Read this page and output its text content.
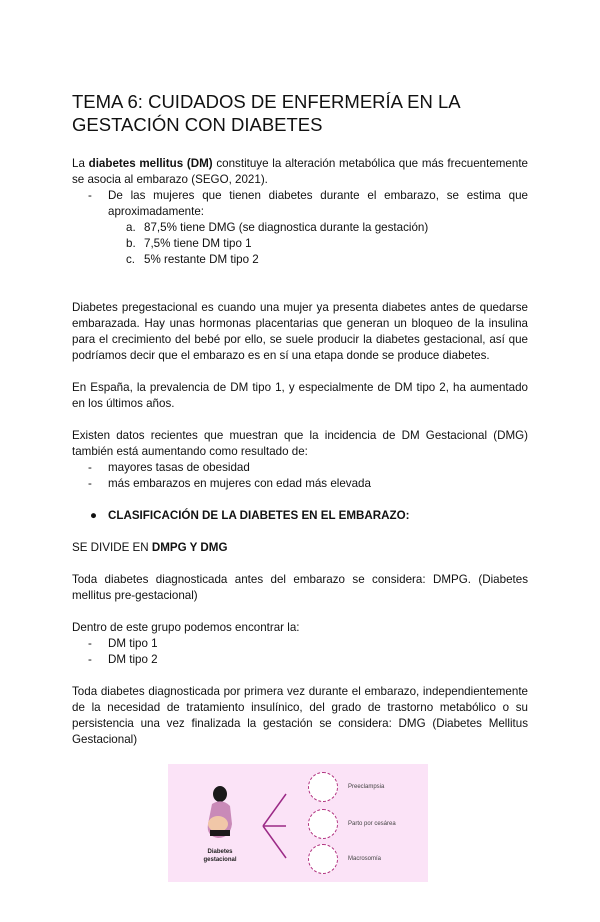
TEMA 6: CUIDADOS DE ENFERMERÍA EN LA GESTACIÓN CON DIABETES

La diabetes mellitus (DM) constituye la alteración metabólica que más frecuentemente se asocia al embarazo (SEGO, 2021).

-	De las mujeres que tienen diabetes durante el embarazo, se estima que aproximadamente:
a. 87,5% tiene DMG (se diagnostica durante la gestación)
b. 7,5% tiene DM tipo 1
c. 5% restante DM tipo 2

Diabetes pregestacional es cuando una mujer ya presenta diabetes antes de quedarse embarazada. Hay unas hormonas placentarias que generan un bloqueo de la insulina para el crecimiento del bebé por ello, se suele producir la diabetes gestacional, así que podríamos decir que el embarazo es en sí una etapa donde se produce diabetes.

En España, la prevalencia de DM tipo 1, y especialmente de DM tipo 2, ha aumentado en los últimos años.

Existen datos recientes que muestran que la incidencia de DM Gestacional (DMG) también está aumentando como resultado de:

-	mayores tasas de obesidad
-	más embarazos en mujeres con edad más elevada
● CLASIFICACIÓN DE LA DIABETES EN EL EMBARAZO:

SE DIVIDE EN DMPG Y DMG

Toda diabetes diagnosticada antes del embarazo se considera: DMPG. (Diabetes mellitus pre-gestacional)

Dentro de este grupo podemos encontrar la:

-	DM tipo 1
-	DM tipo 2

Toda diabetes diagnosticada por primera vez durante el embarazo, independientemente de la necesidad de tratamiento insulínico, del grado de trastorno metabólico o su persistencia una vez finalizada la gestación se considera: DMG (Diabetes Mellitus Gestacional)

Diabetes gestacional
Preeclampsia
Parto por cesárea
Macrosomía
